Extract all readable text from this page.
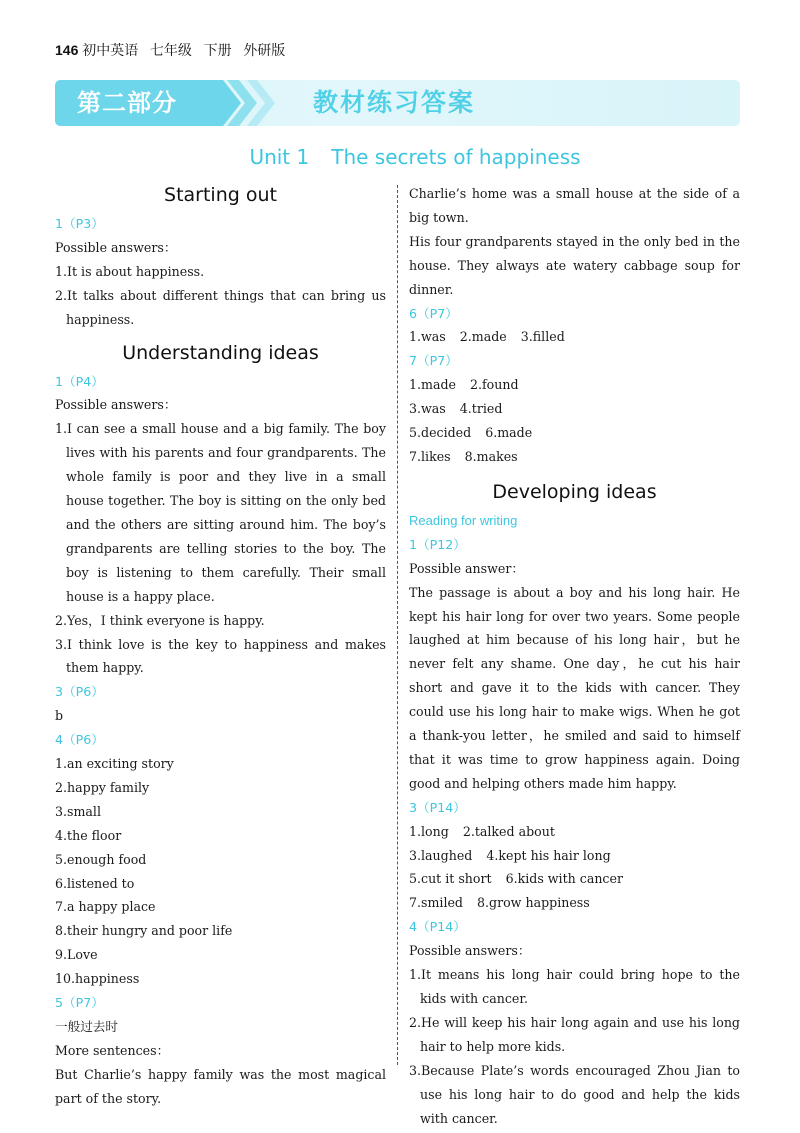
146 初中英语   七年级   下册   外研版
第二部分	教材练习答案
Unit 1 The secrets of happiness
Starting out
1（P3）
Possible answers：
1.It is about happiness.
2.It talks about different things that can bring us happiness.
Understanding ideas
1（P4）
Possible answers：
1.I can see a small house and a big family. The boy lives with his parents and four grandparents. The whole family is poor and they live in a small house together. The boy is sitting on the only bed and the others are sitting around him. The boy’s grandparents are telling stories to the boy. The boy is listening to them carefully. Their small house is a happy place.
2.Yes，I think everyone is happy.
3.I think love is the key to happiness and makes them happy.
3（P6）
b
4（P6）
1.an exciting story
2.happy family
3.small
4.the floor
5.enough food
6.listened to
7.a happy place
8.their hungry and poor life
9.Love
10.happiness
5（P7）
一般过去时
More sentences：
But Charlie’s happy family was the most magical part of the story.
Charlie’s home was a small house at the side of a big town.
His four grandparents stayed in the only bed in the house. They always ate watery cabbage soup for dinner.
6（P7）
1.was 2.made 3.filled
7（P7）
1.made 2.found
3.was 4.tried
5.decided 6.made
7.likes 8.makes
Developing ideas
Reading for writing
1（P12）
Possible answer：
The passage is about a boy and his long hair. He kept his hair long for over two years. Some people laughed at him because of his long hair，but he never felt any shame. One day，he cut his hair short and gave it to the kids with cancer. They could use his long hair to make wigs. When he got a thank-you letter，he smiled and said to himself that it was time to grow happiness again. Doing good and helping others made him happy.
3（P14）
1.long 2.talked about
3.laughed 4.kept his hair long
5.cut it short 6.kids with cancer
7.smiled 8.grow happiness
4（P14）
Possible answers：
1.It means his long hair could bring hope to the kids with cancer.
2.He will keep his hair long again and use his long hair to help more kids.
3.Because Plate’s words encouraged Zhou Jian to use his long hair to do good and help the kids with cancer.
